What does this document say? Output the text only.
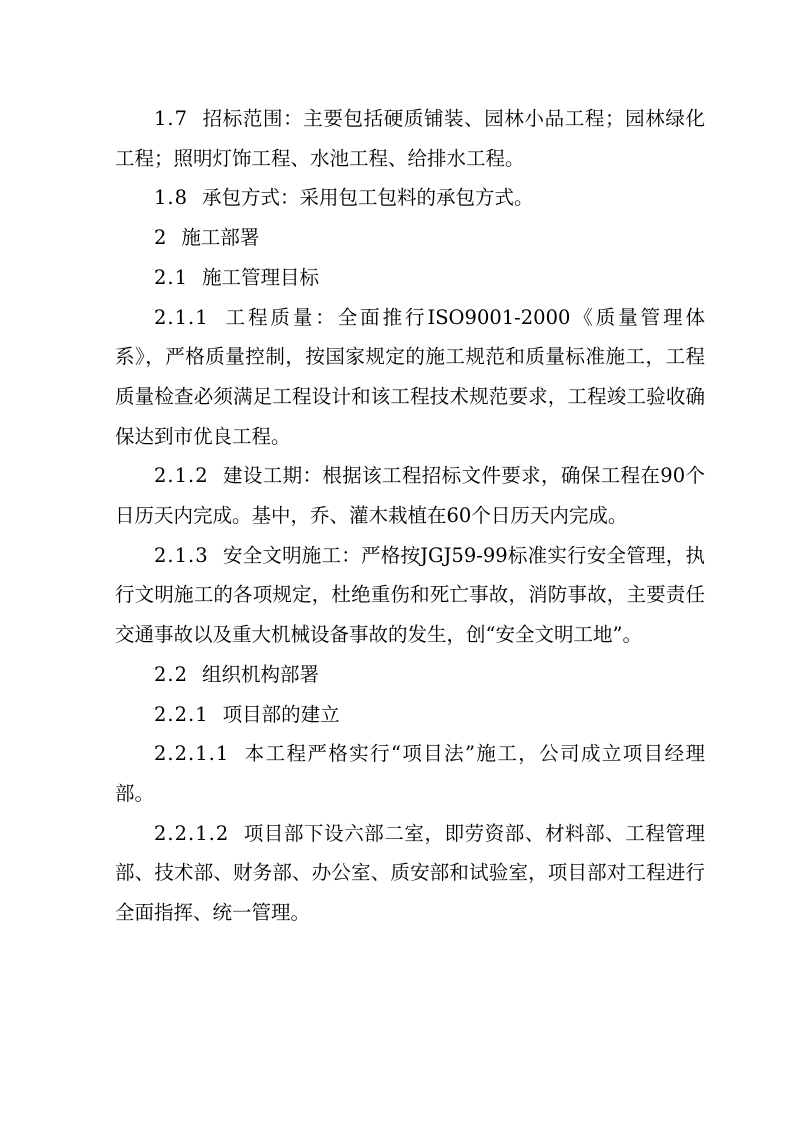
1.7 招标范围：主要包括硬质铺装、园林小品工程；园林绿化工程；照明灯饰工程、水池工程、给排水工程。

1.8 承包方式：采用包工包料的承包方式。

2 施工部署

2.1 施工管理目标

2.1.1 工程质量：全面推行ISO9001-2000《质量管理体系》，严格质量控制，按国家规定的施工规范和质量标准施工，工程质量检查必须满足工程设计和该工程技术规范要求，工程竣工验收确保达到市优良工程。

2.1.2 建设工期：根据该工程招标文件要求，确保工程在90个日历天内完成。基中，乔、灌木栽植在60个日历天内完成。

2.1.3 安全文明施工：严格按JGJ59-99标准实行安全管理，执行文明施工的各项规定，杜绝重伤和死亡事故，消防事故，主要责任交通事故以及重大机械设备事故的发生，创“安全文明工地”。

2.2 组织机构部署

2.2.1 项目部的建立

2.2.1.1 本工程严格实行“项目法”施工，公司成立项目经理部。

2.2.1.2 项目部下设六部二室，即劳资部、材料部、工程管理部、技术部、财务部、办公室、质安部和试验室，项目部对工程进行全面指挥、统一管理。
